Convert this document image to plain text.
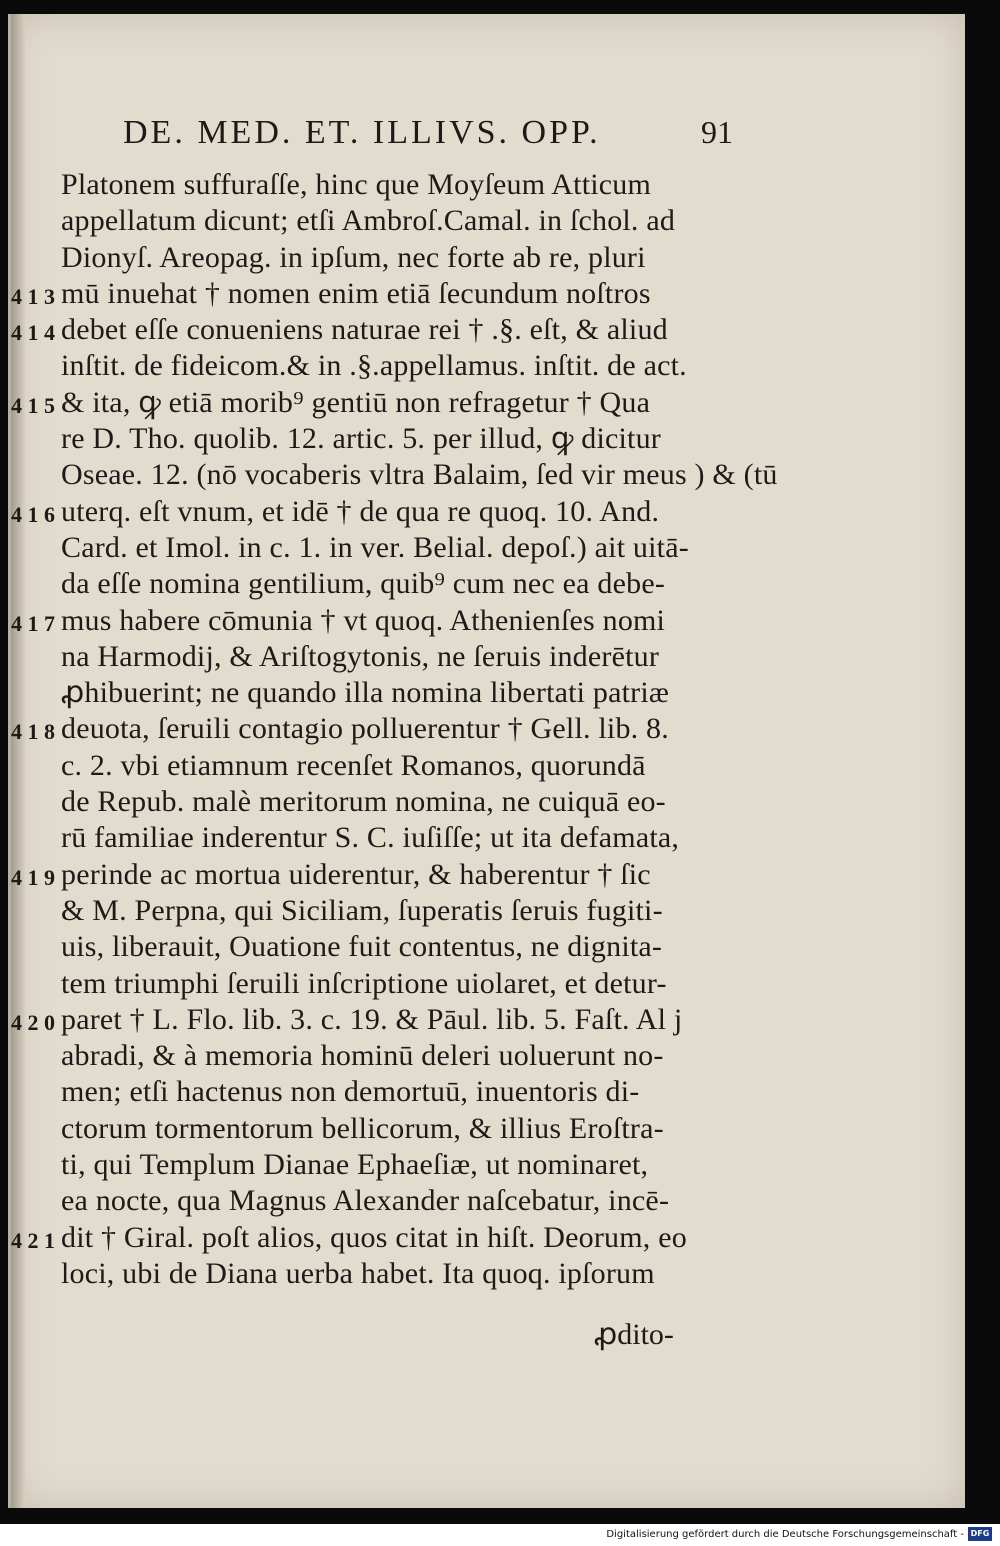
DE. MED. ET. ILLIVS. OPP.	91
Platonem suffuraſſe, hinc que Moyſeum Atticum
appellatum dicunt; etſi Ambroſ.Camal. in ſchol. ad
Dionyſ. Areopag. in ipſum, nec forte ab re, pluri
4 1 3 mū inuehat † nomen enim etiā ſecundum noſtros
4 1 4 debet eſſe conueniens naturae rei † .§. eſt, & aliud
inſtit. de fideicom.& in .§.appellamus. inſtit. de act.
4 1 5 & ita, ꝙ etiā morib⁹ gentiū non refragetur † Qua
re D. Tho. quolib. 12. artic. 5. per illud, ꝙ dicitur
Oseae. 12. (nō vocaberis vltra Balaim, ſed vir meus ) & (tū
4 1 6 uterq. eſt vnum, et idē † de qua re quoq. 10. And.
Card. et Imol. in c. 1. in ver. Belial. depoſ.) ait uitā-
da eſſe nomina gentilium, quib⁹ cum nec ea debe-
4 1 7 mus habere cōmunia † vt quoq. Athenienſes nomi
na Harmodij, & Ariſtogytonis, ne ſeruis inderētur
ꝓhibuerint; ne quando illa nomina libertati patriæ
4 1 8 deuota, ſeruili contagio polluerentur † Gell. lib. 8.
c. 2. vbi etiamnum recenſet Romanos, quorundā
de Repub. malè meritorum nomina, ne cuiquā eo-
rū familiae inderentur S. C. iuſiſſe; ut ita defamata,
4 1 9 perinde ac mortua uiderentur, & haberentur † ſic
& M. Perpna, qui Siciliam, ſuperatis ſeruis fugiti-
uis, liberauit, Ouatione fuit contentus, ne dignita-
tem triumphi ſeruili inſcriptione uiolaret, et detur-
4 2 0 paret † L. Flo. lib. 3. c. 19. & Pāul. lib. 5. Faſt. Al j
abradi, & à memoria hominū deleri uoluerunt no-
men; etſi hactenus non demortuū, inuentoris di-
ctorum tormentorum bellicorum, & illius Eroſtra-
ti, qui Templum Dianae Ephaeſiæ, ut nominaret,
ea nocte, qua Magnus Alexander naſcebatur, incē-
4 2 1 dit † Giral. poſt alios, quos citat in hiſt. Deorum, eo
loci, ubi de Diana uerba habet. Ita quoq. ipſorum
ꝓdito-
Digitalisierung gefördert durch die Deutsche Forschungsgemeinschaft - DFG
